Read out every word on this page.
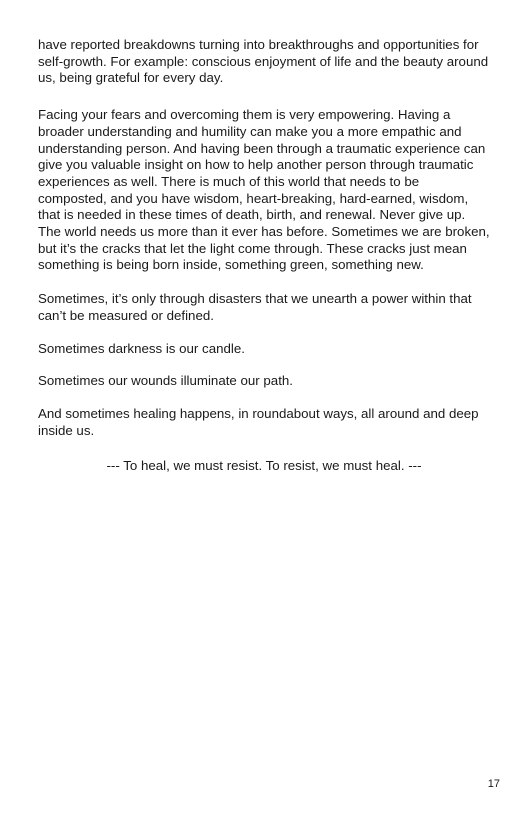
have reported breakdowns turning into breakthroughs and opportunities for self-growth. For example: conscious enjoyment of life and the beauty around us, being grateful for every day.

Facing your fears and overcoming them is very empowering. Having a broader understanding and humility can make you a more empathic and understanding person. And having been through a traumatic experience can give you valuable insight on how to help another person through traumatic experiences as well. There is much of this world that needs to be composted, and you have wisdom, heart-breaking, hard-earned, wisdom, that is needed in these times of death, birth, and renewal. Never give up. The world needs us more than it ever has before. Sometimes we are broken, but it’s the cracks that let the light come through. These cracks just mean something is being born inside, something green, something new.

Sometimes, it’s only through disasters that we unearth a power within that can’t be measured or defined.

Sometimes darkness is our candle.

Sometimes our wounds illuminate our path.

And sometimes healing happens, in roundabout ways, all around and deep inside us.

--- To heal, we must resist. To resist, we must heal. ---

17
